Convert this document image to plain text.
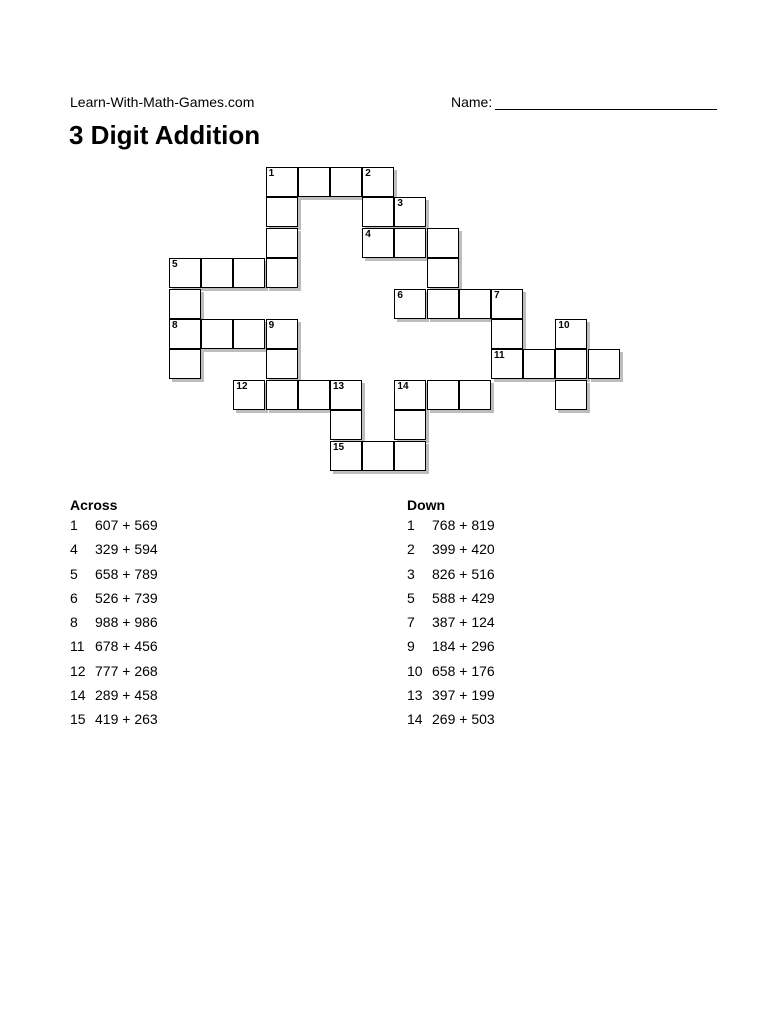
Learn-With-Math-Games.com	Name:
3 Digit Addition
1	2
3
4
5
6	7
8	9	10
11
12	13	14
15
Across
1 607 + 569
4 329 + 594
5 658 + 789
6 526 + 739
8 988 + 986
11 678 + 456
12 777 + 268
14 289 + 458
15 419 + 263
Down
1 768 + 819
2 399 + 420
3 826 + 516
5 588 + 429
7 387 + 124
9 184 + 296
10 658 + 176
13 397 + 199
14 269 + 503
